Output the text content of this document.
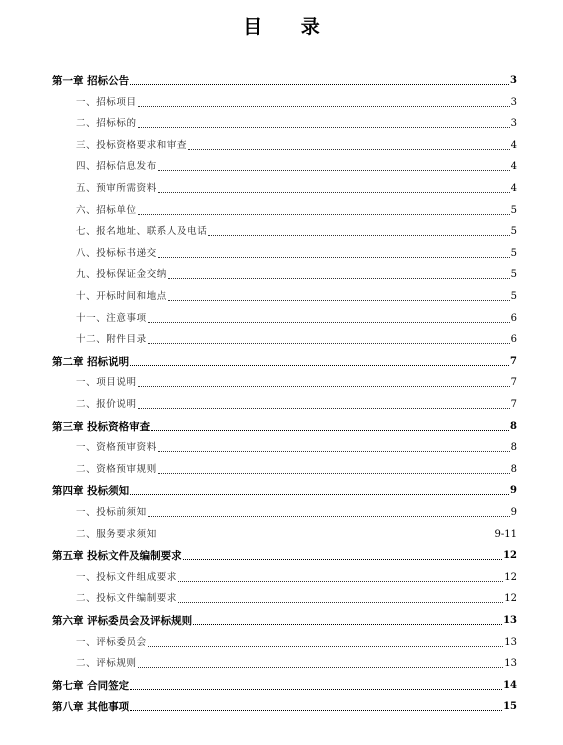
目 录
第一章 招标公告	3
一、招标项目	3
二、招标标的	3
三、投标资格要求和审查	4
四、招标信息发布	4
五、预审所需资料	4
六、招标单位	5
七、报名地址、联系人及电话	5
八、投标标书递交	5
九、投标保证金交纳	5
十、开标时间和地点	5
十一、注意事项	6
十二、附件目录	6
第二章 招标说明	7
一、项目说明	7
二、报价说明	7
第三章 投标资格审查	8
一、资格预审资料	8
二、资格预审规则	8
第四章 投标须知	9
一、投标前须知	9
二、服务要求须知	9-11
第五章 投标文件及编制要求	12
一、投标文件组成要求	12
二、投标文件编制要求	12
第六章 评标委员会及评标规则	13
一、评标委员会	13
二、评标规则	13
第七章 合同签定	14
第八章 其他事项	15
